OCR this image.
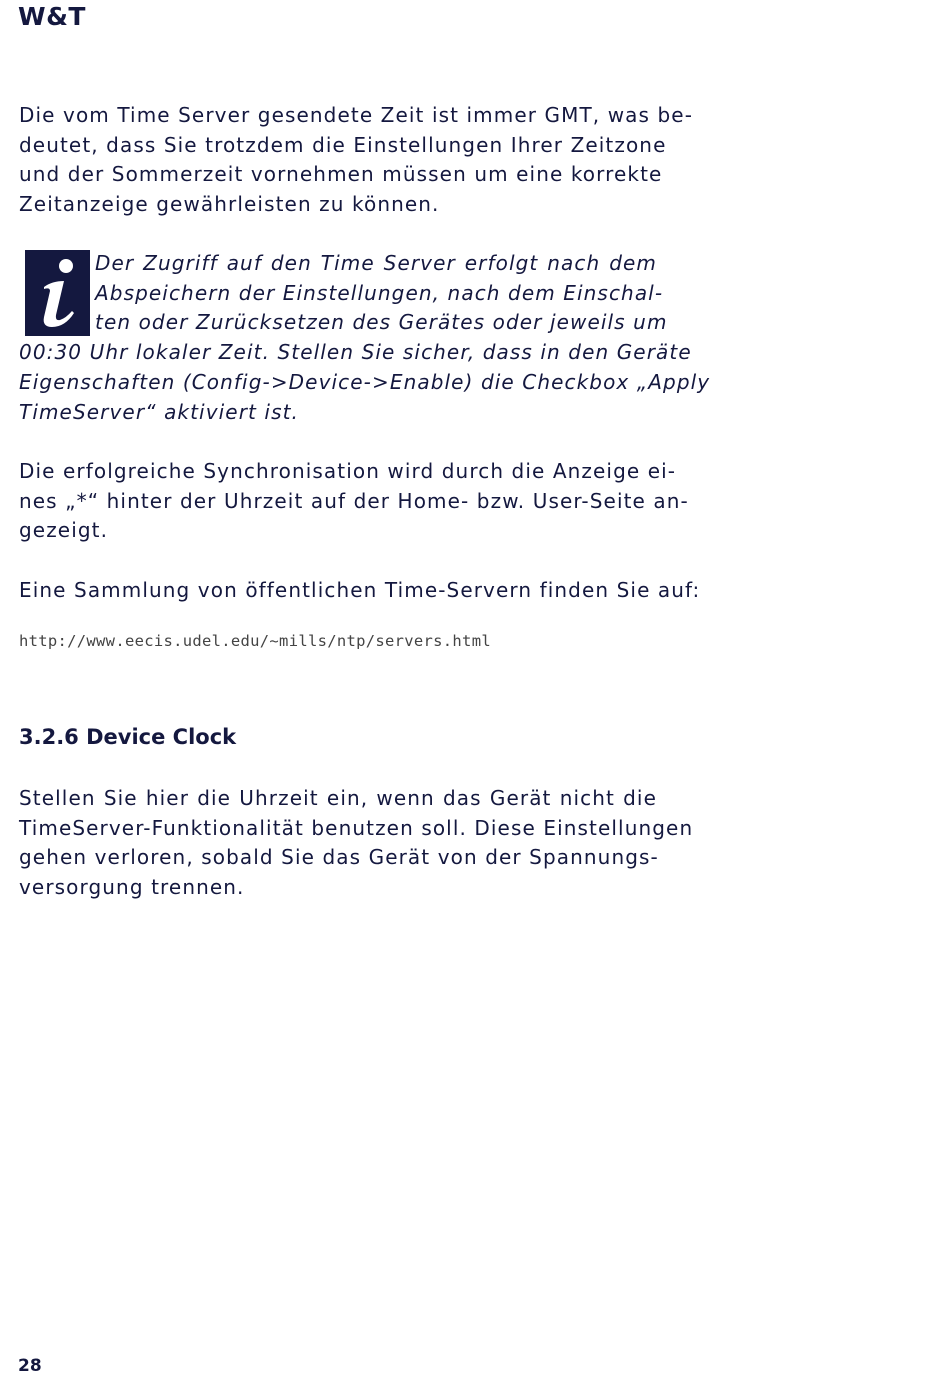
W&T

Die vom Time Server gesendete Zeit ist immer GMT, was be-
deutet, dass Sie trotzdem die Einstellungen Ihrer Zeitzone
und der Sommerzeit vornehmen müssen um eine korrekte
Zeitanzeige gewährleisten zu können.

Der Zugriff auf den Time Server erfolgt nach dem
Abspeichern der Einstellungen, nach dem Einschal-
ten oder Zurücksetzen des Gerätes oder jeweils um
00:30 Uhr lokaler Zeit. Stellen Sie sicher, dass in den Geräte
Eigenschaften (Config->Device->Enable) die Checkbox „Apply
TimeServer“ aktiviert ist.

Die erfolgreiche Synchronisation wird durch die Anzeige ei-
nes „*“ hinter der Uhrzeit auf der Home- bzw. User-Seite an-
gezeigt.

Eine Sammlung von öffentlichen Time-Servern finden Sie auf:

http://www.eecis.udel.edu/~mills/ntp/servers.html

3.2.6 Device Clock

Stellen Sie hier die Uhrzeit ein, wenn das Gerät nicht die
TimeServer-Funktionalität benutzen soll. Diese Einstellungen
gehen verloren, sobald Sie das Gerät von der Spannungs-
versorgung trennen.

28
